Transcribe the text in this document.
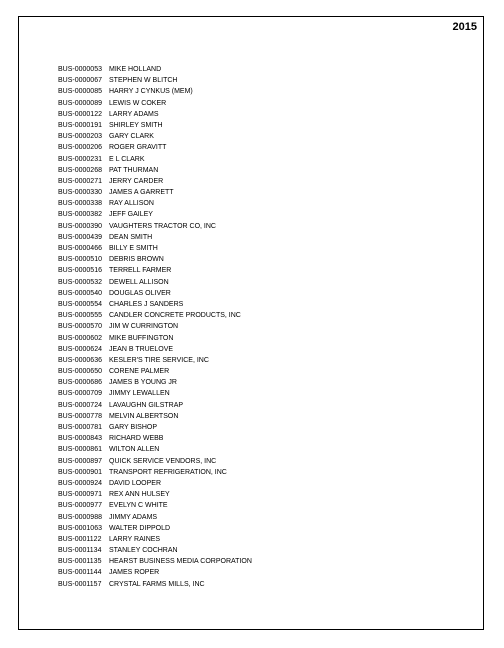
2015
BUS-0000053	MIKE HOLLAND
BUS-0000067	STEPHEN W BLITCH
BUS-0000085	HARRY J CYNKUS (MEM)
BUS-0000089	LEWIS W COKER
BUS-0000122	LARRY ADAMS
BUS-0000191	SHIRLEY SMITH
BUS-0000203	GARY CLARK
BUS-0000206	ROGER GRAVITT
BUS-0000231	E L CLARK
BUS-0000268	PAT THURMAN
BUS-0000271	JERRY CARDER
BUS-0000330	JAMES A GARRETT
BUS-0000338	RAY ALLISON
BUS-0000382	JEFF GAILEY
BUS-0000390	VAUGHTERS TRACTOR CO, INC
BUS-0000439	DEAN SMITH
BUS-0000466	BILLY E SMITH
BUS-0000510	DEBRIS BROWN
BUS-0000516	TERRELL FARMER
BUS-0000532	DEWELL ALLISON
BUS-0000540	DOUGLAS OLIVER
BUS-0000554	CHARLES J SANDERS
BUS-0000555	CANDLER CONCRETE PRODUCTS, INC
BUS-0000570	JIM W CURRINGTON
BUS-0000602	MIKE BUFFINGTON
BUS-0000624	JEAN B TRUELOVE
BUS-0000636	KESLER'S TIRE SERVICE, INC
BUS-0000650	CORENE PALMER
BUS-0000686	JAMES B YOUNG JR
BUS-0000709	JIMMY LEWALLEN
BUS-0000724	LAVAUGHN GILSTRAP
BUS-0000778	MELVIN ALBERTSON
BUS-0000781	GARY BISHOP
BUS-0000843	RICHARD WEBB
BUS-0000861	WILTON ALLEN
BUS-0000897	QUICK SERVICE VENDORS, INC
BUS-0000901	TRANSPORT REFRIGERATION, INC
BUS-0000924	DAVID LOOPER
BUS-0000971	REX ANN HULSEY
BUS-0000977	EVELYN C WHITE
BUS-0000988	JIMMY ADAMS
BUS-0001063	WALTER DIPPOLD
BUS-0001122	LARRY RAINES
BUS-0001134	STANLEY COCHRAN
BUS-0001135	HEARST BUSINESS MEDIA CORPORATION
BUS-0001144	JAMES ROPER
BUS-0001157	CRYSTAL FARMS MILLS, INC
